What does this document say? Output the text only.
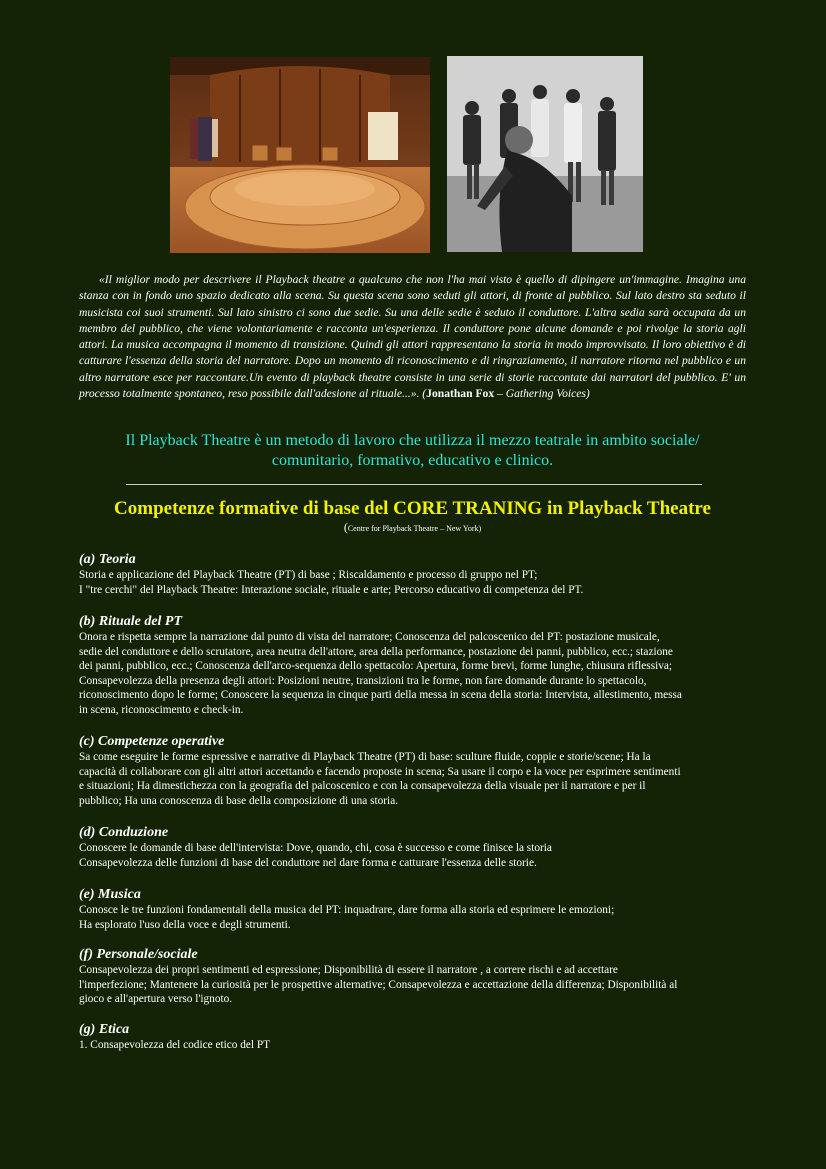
«Il miglior modo per descrivere il Playback theatre a qualcuno che non l'ha mai visto è quello di dipingere un'immagine. Imagina una stanza con in fondo uno spazio dedicato alla scena. Su questa scena sono seduti gli attori, di fronte al pubblico. Sul lato destro sta seduto il musicista coi suoi strumenti. Sul lato sinistro ci sono due sedie. Su una delle sedie è seduto il conduttore. L'altra sedia sarà occupata da un membro del pubblico, che viene volontariamente e racconta un'esperienza. Il conduttore pone alcune domande e poi rivolge la storia agli attori. La musica accompagna il momento di transizione. Quindi gli attori rappresentano la storia in modo improvvisato. Il loro obiettivo è di catturare l'essenza della storia del narratore. Dopo un momento di riconoscimento e di ringraziamento, il narratore ritorna nel pubblico e un altro narratore esce per raccontare.Un evento di playback theatre consiste in una serie di storie raccontate dai narratori del pubblico. E' un processo totalmente spontaneo, reso possibile dall'adesione al rituale...». (Jonathan Fox – Gathering Voices)

Il Playback Theatre è un metodo di lavoro che utilizza il mezzo teatrale in ambito sociale/
comunitario, formativo, educativo e clinico.
Competenze formative di base del CORE TRANING in Playback Theatre
(Centre for Playback Theatre – New York)
(a) Teoria

Storia e applicazione del Playback Theatre (PT) di base ; Riscaldamento e processo di gruppo nel PT;

I "tre cerchi" del Playback Theatre: Interazione sociale, rituale e arte; Percorso educativo di competenza del PT.

(b) Rituale del PT

Onora e rispetta sempre la narrazione dal punto di vista del narratore; Conoscenza del palcoscenico del PT: postazione musicale,

sedie del conduttore e dello scrutatore, area neutra dell'attore, area della performance, postazione dei panni, pubblico, ecc.; stazione

dei panni, pubblico, ecc.; Conoscenza dell'arco-sequenza dello spettacolo: Apertura, forme brevi, forme lunghe, chiusura riflessiva;

Consapevolezza della presenza degli attori: Posizioni neutre, transizioni tra le forme, non fare domande durante lo spettacolo,

riconoscimento dopo le forme; Conoscere la sequenza in cinque parti della messa in scena della storia: Intervista, allestimento, messa

in scena, riconoscimento e check-in.

(c) Competenze operative

Sa come eseguire le forme espressive e narrative di Playback Theatre (PT) di base: sculture fluide, coppie e storie/scene; Ha la

capacità di collaborare con gli altri attori accettando e facendo proposte in scena; Sa usare il corpo e la voce per esprimere sentimenti

e situazioni; Ha dimestichezza con la geografia del palcoscenico e con la consapevolezza della visuale per il narratore e per il

pubblico; Ha una conoscenza di base della composizione di una storia.

(d) Conduzione

Conoscere le domande di base dell'intervista: Dove, quando, chi, cosa è successo e come finisce la storia

Consapevolezza delle funzioni di base del conduttore nel dare forma e catturare l'essenza delle storie.

(e) Musica

Conosce le tre funzioni fondamentali della musica del PT: inquadrare, dare forma alla storia ed esprimere le emozioni;

Ha esplorato l'uso della voce e degli strumenti.

(f) Personale/sociale

Consapevolezza dei propri sentimenti ed espressione; Disponibilità di essere il narratore , a correre rischi e ad accettare

l'imperfezione; Mantenere la curiosità per le prospettive alternative; Consapevolezza e accettazione della differenza; Disponibilità al

gioco e all'apertura verso l'ignoto.

(g) Etica

1. Consapevolezza del codice etico del PT
